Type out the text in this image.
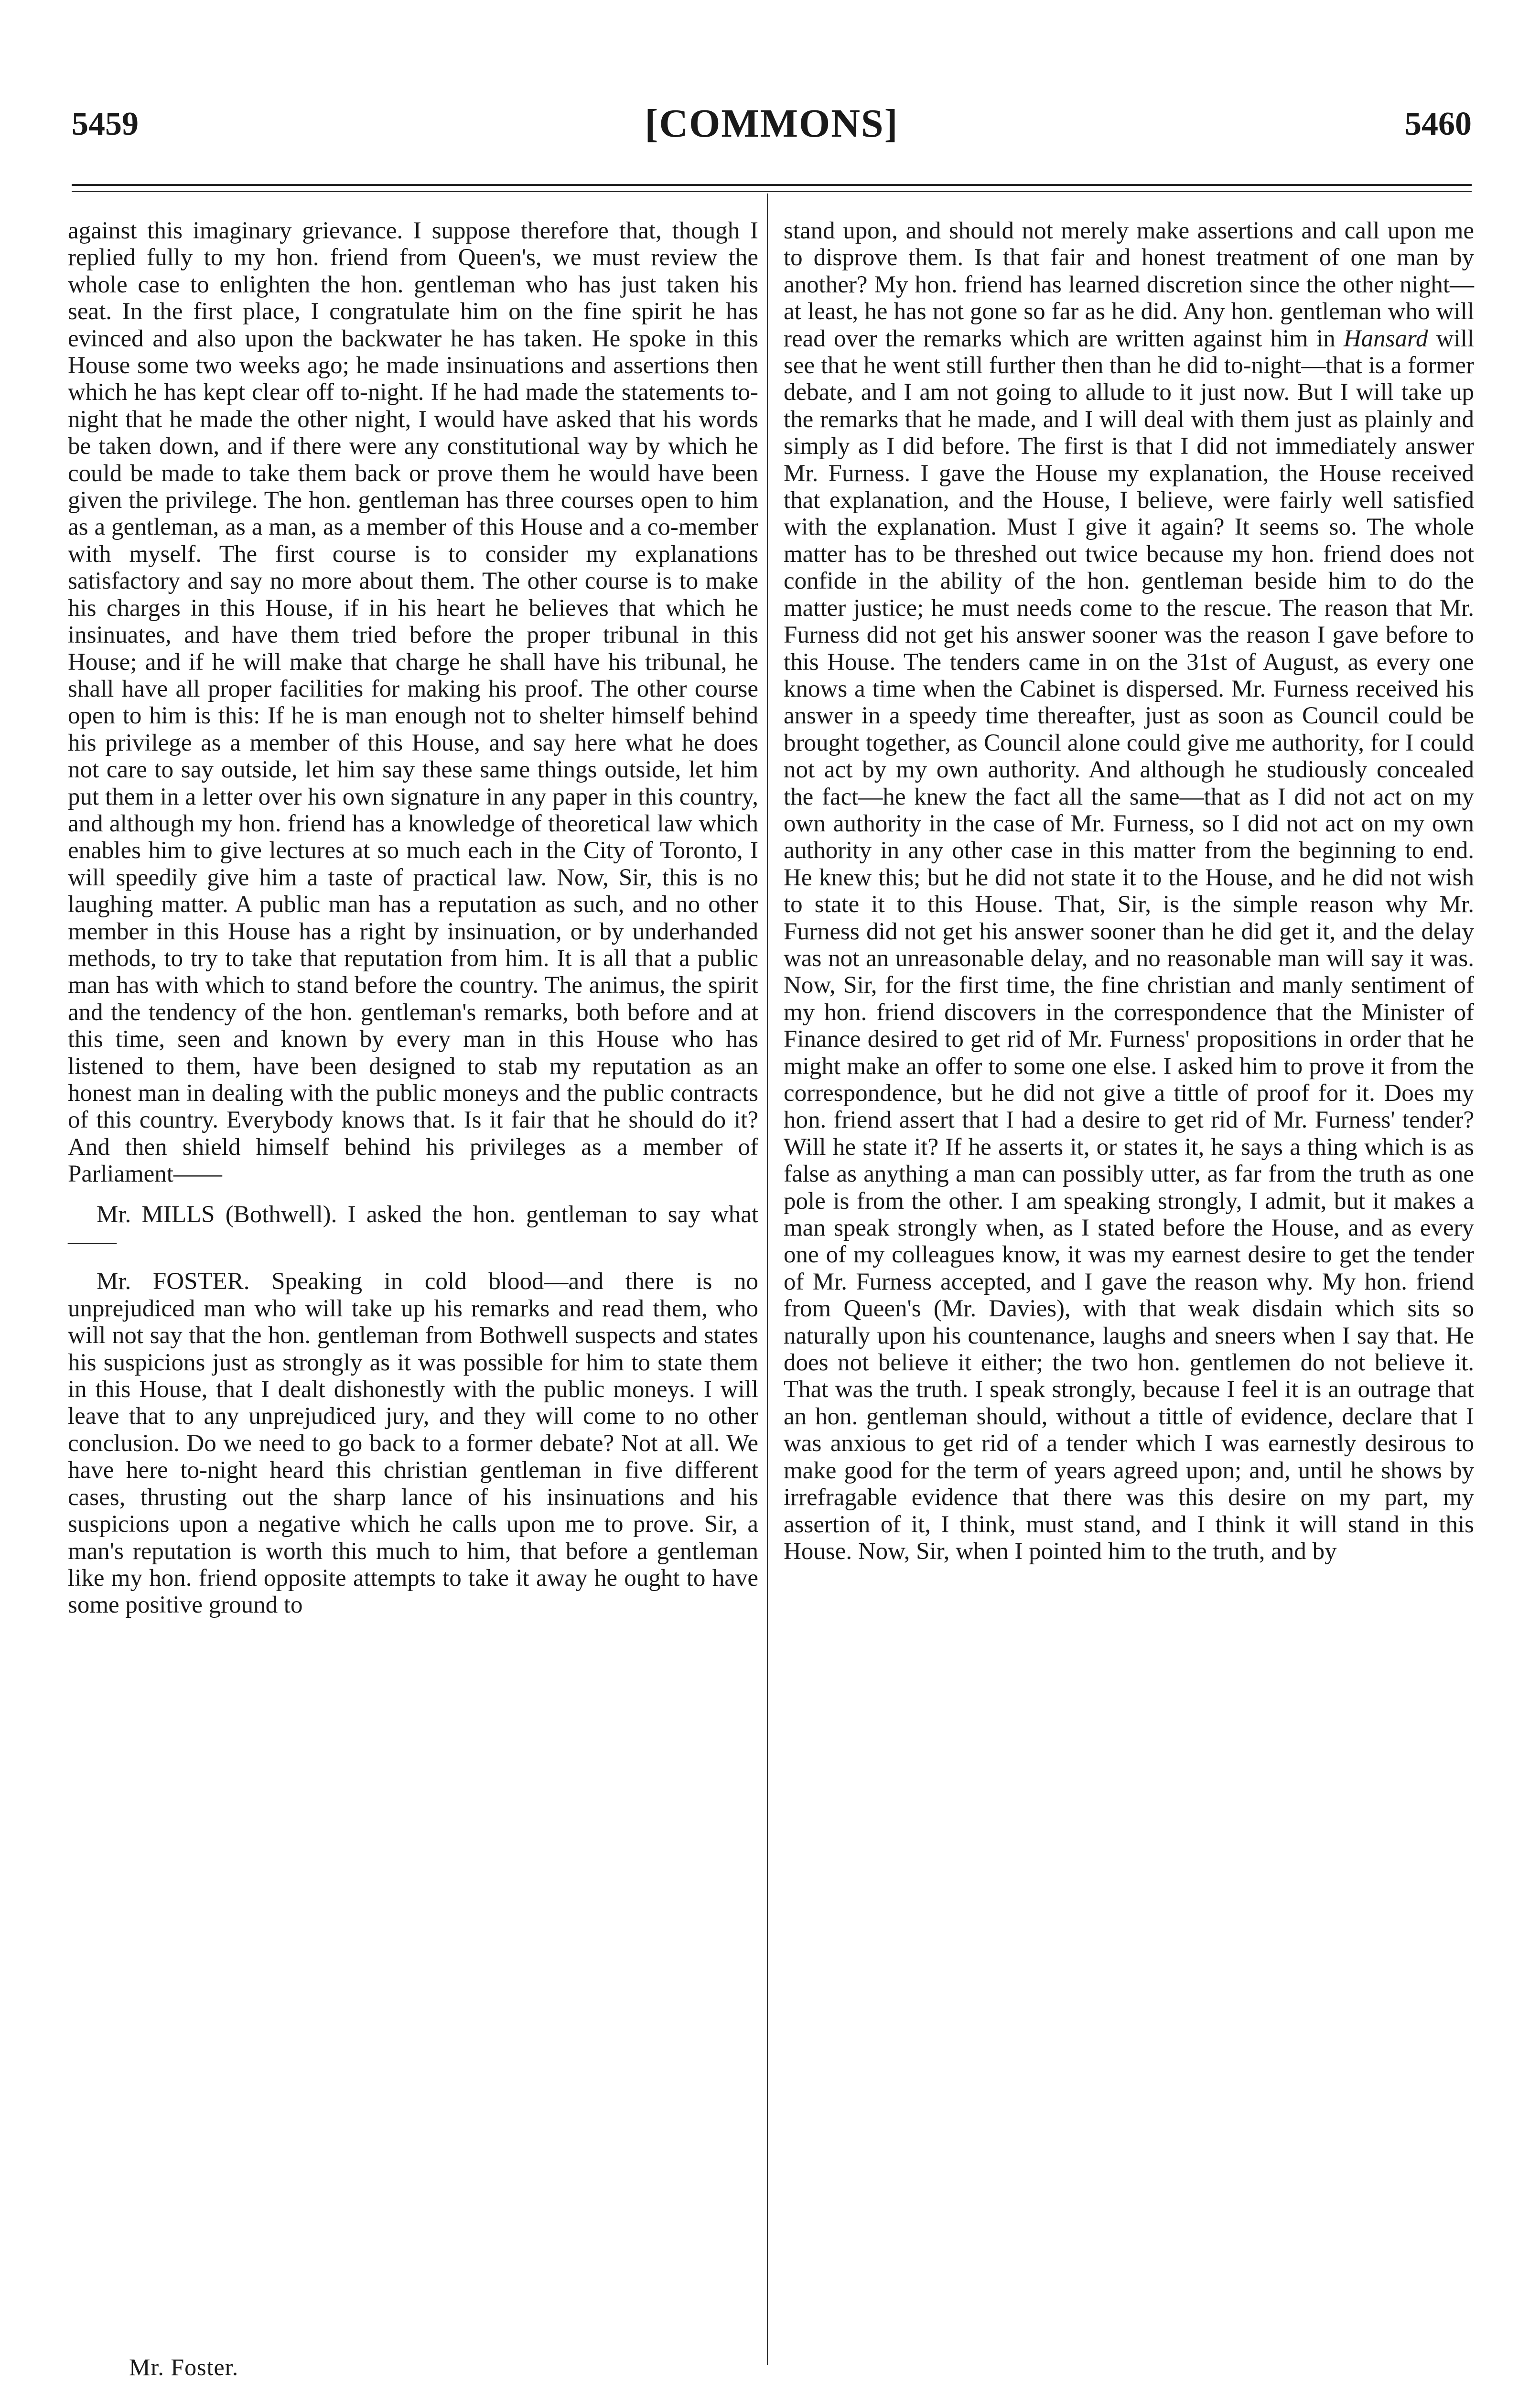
5459	[COMMONS]	5460

against this imaginary grievance. I suppose therefore that, though I replied fully to my hon. friend from Queen's, we must review the whole case to enlighten the hon. gentleman who has just taken his seat. In the first place, I congratulate him on the fine spirit he has evinced and also upon the backwater he has taken. He spoke in this House some two weeks ago; he made insinuations and assertions then which he has kept clear off to-night. If he had made the statements to-night that he made the other night, I would have asked that his words be taken down, and if there were any constitutional way by which he could be made to take them back or prove them he would have been given the privilege. The hon. gentleman has three courses open to him as a gentleman, as a man, as a member of this House and a co-member with myself. The first course is to consider my explanations satisfactory and say no more about them. The other course is to make his charges in this House, if in his heart he believes that which he insinuates, and have them tried before the proper tribunal in this House; and if he will make that charge he shall have his tribunal, he shall have all proper facilities for making his proof. The other course open to him is this: If he is man enough not to shelter himself behind his privilege as a member of this House, and say here what he does not care to say outside, let him say these same things outside, let him put them in a letter over his own signature in any paper in this country, and although my hon. friend has a knowledge of theoretical law which enables him to give lectures at so much each in the City of Toronto, I will speedily give him a taste of practical law. Now, Sir, this is no laughing matter. A public man has a reputation as such, and no other member in this House has a right by insinuation, or by underhanded methods, to try to take that reputation from him. It is all that a public man has with which to stand before the country. The animus, the spirit and the tendency of the hon. gentleman's remarks, both before and at this time, seen and known by every man in this House who has listened to them, have been designed to stab my reputation as an honest man in dealing with the public moneys and the public contracts of this country. Everybody knows that. Is it fair that he should do it? And then shield himself behind his privileges as a member of Parliament——

Mr. MILLS (Bothwell). I asked the hon. gentleman to say what——

Mr. FOSTER. Speaking in cold blood—and there is no unprejudiced man who will take up his remarks and read them, who will not say that the hon. gentleman from Bothwell suspects and states his suspicions just as strongly as it was possible for him to state them in this House, that I dealt dishonestly with the public moneys. I will leave that to any unprejudiced jury, and they will come to no other conclusion. Do we need to go back to a former debate? Not at all. We have here to-night heard this christian gentleman in five different cases, thrusting out the sharp lance of his insinuations and his suspicions upon a negative which he calls upon me to prove. Sir, a man's reputation is worth this much to him, that before a gentleman like my hon. friend opposite attempts to take it away he ought to have some positive ground to

stand upon, and should not merely make assertions and call upon me to disprove them. Is that fair and honest treatment of one man by another? My hon. friend has learned discretion since the other night—at least, he has not gone so far as he did. Any hon. gentleman who will read over the remarks which are written against him in Hansard will see that he went still further then than he did to-night—that is a former debate, and I am not going to allude to it just now. But I will take up the remarks that he made, and I will deal with them just as plainly and simply as I did before. The first is that I did not immediately answer Mr. Furness. I gave the House my explanation, the House received that explanation, and the House, I believe, were fairly well satisfied with the explanation. Must I give it again? It seems so. The whole matter has to be threshed out twice because my hon. friend does not confide in the ability of the hon. gentleman beside him to do the matter justice; he must needs come to the rescue. The reason that Mr. Furness did not get his answer sooner was the reason I gave before to this House. The tenders came in on the 31st of August, as every one knows a time when the Cabinet is dispersed. Mr. Furness received his answer in a speedy time thereafter, just as soon as Council could be brought together, as Council alone could give me authority, for I could not act by my own authority. And although he studiously concealed the fact—he knew the fact all the same—that as I did not act on my own authority in the case of Mr. Furness, so I did not act on my own authority in any other case in this matter from the beginning to end. He knew this; but he did not state it to the House, and he did not wish to state it to this House. That, Sir, is the simple reason why Mr. Furness did not get his answer sooner than he did get it, and the delay was not an unreasonable delay, and no reasonable man will say it was. Now, Sir, for the first time, the fine christian and manly sentiment of my hon. friend discovers in the correspondence that the Minister of Finance desired to get rid of Mr. Furness' propositions in order that he might make an offer to some one else. I asked him to prove it from the correspondence, but he did not give a tittle of proof for it. Does my hon. friend assert that I had a desire to get rid of Mr. Furness' tender? Will he state it? If he asserts it, or states it, he says a thing which is as false as anything a man can possibly utter, as far from the truth as one pole is from the other. I am speaking strongly, I admit, but it makes a man speak strongly when, as I stated before the House, and as every one of my colleagues know, it was my earnest desire to get the tender of Mr. Furness accepted, and I gave the reason why. My hon. friend from Queen's (Mr. Davies), with that weak disdain which sits so naturally upon his countenance, laughs and sneers when I say that. He does not believe it either; the two hon. gentlemen do not believe it. That was the truth. I speak strongly, because I feel it is an outrage that an hon. gentleman should, without a tittle of evidence, declare that I was anxious to get rid of a tender which I was earnestly desirous to make good for the term of years agreed upon; and, until he shows by irrefragable evidence that there was this desire on my part, my assertion of it, I think, must stand, and I think it will stand in this House. Now, Sir, when I pointed him to the truth, and by

Mr. Foster.
